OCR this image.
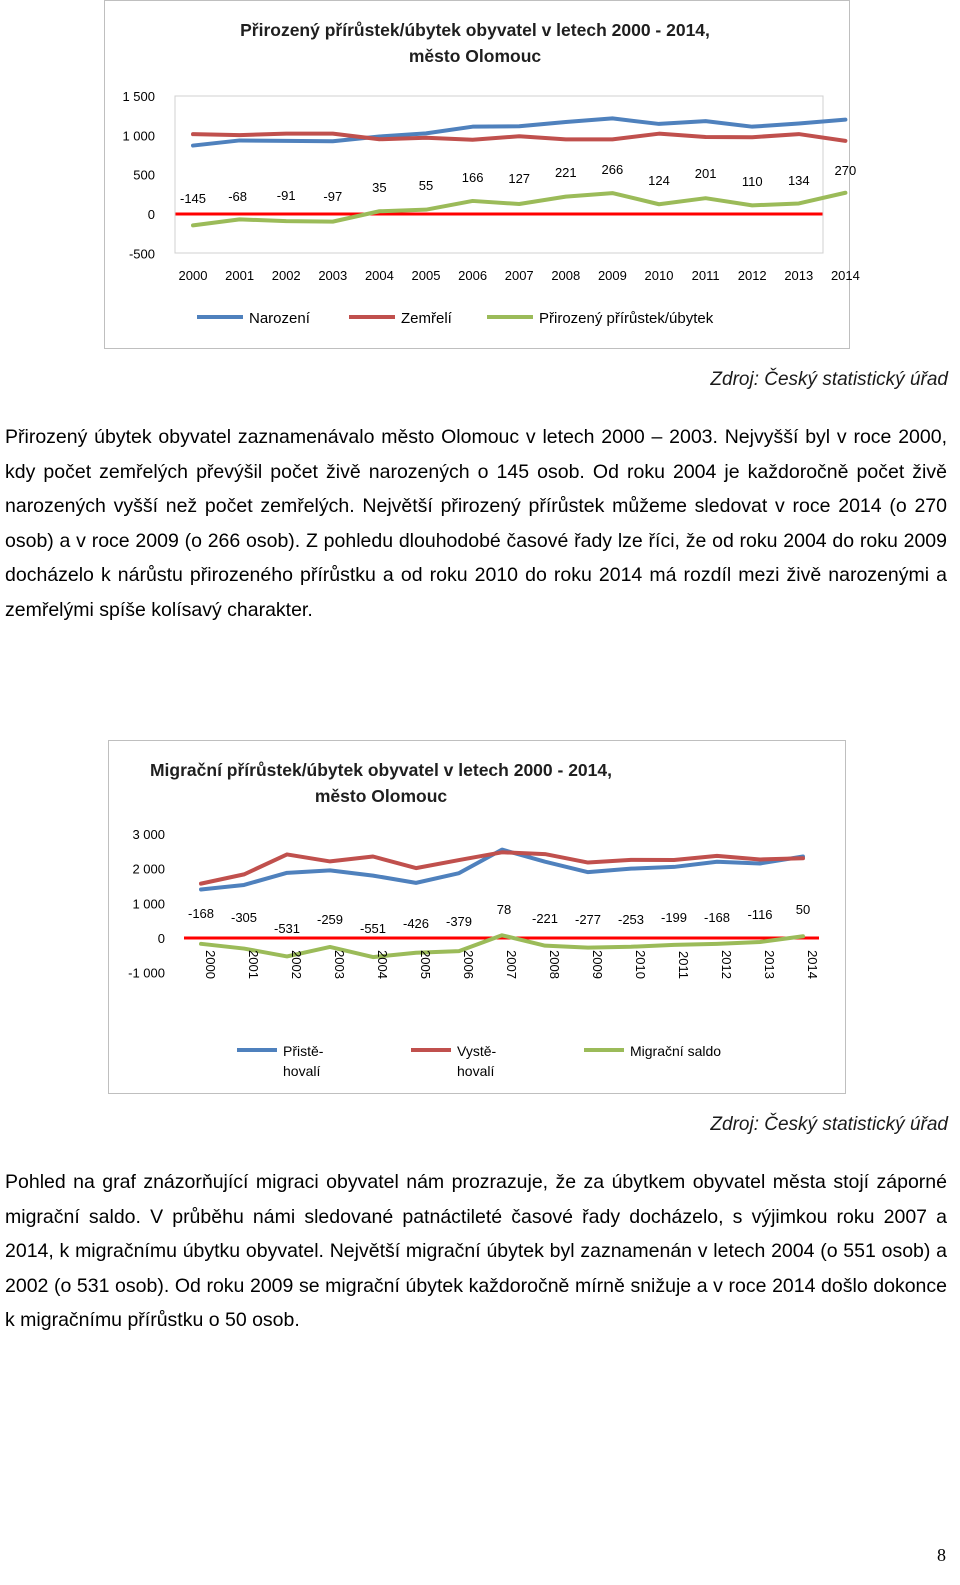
Přirozený přírůstek/úbytek obyvatel v letech 2000 - 2014,
město Olomouc
-500
0
500
1 000
1 500
-145 -68 -91 -97
35 55
166 127 221 266
124 201
110 134
270
2000 2001 2002 2003 2004 2005 2006 2007 2008 2009 2010 2011 2012 2013 2014
Narození	Zemřelí	Přirozený přírůstek/úbytek
Zdroj: Český statistický úřad
Přirozený úbytek obyvatel zaznamenávalo město Olomouc v letech 2000 – 2003. Nejvyšší byl v roce 2000, kdy počet zemřelých převýšil počet živě narozených o 145 osob. Od roku 2004 je každoročně počet živě narozených vyšší než počet zemřelých. Největší přirozený přírůstek můžeme sledovat v roce 2014 (o 270 osob) a v roce 2009 (o 266 osob). Z pohledu dlouhodobé časové řady lze říci, že od roku 2004 do roku 2009 docházelo k nárůstu přirozeného přírůstku a od roku 2010 do roku 2014 má rozdíl mezi živě narozenými a zemřelými spíše kolísavý charakter.
Migrační přírůstek/úbytek obyvatel v letech 2000 - 2014,
město Olomouc
-1 000
0
1 000
2 000
3 000
-168 -305
-531
-259
-551 -426 -379
78
-221 -277 -253 -199 -168 -116 50
2000 2001 2002 2003 2004 2005 2006 2007 2008 2009 2010 2011 2012 2013 2014
Přistě-
hovalí
Vystě-
hovalí
Migrační saldo
Zdroj: Český statistický úřad
Pohled na graf znázorňující migraci obyvatel nám prozrazuje, že za úbytkem obyvatel města stojí záporné migrační saldo. V průběhu námi sledované patnáctileté časové řady docházelo, s výjimkou roku 2007 a 2014, k migračnímu úbytku obyvatel. Největší migrační úbytek byl zaznamenán v letech 2004 (o 551 osob) a 2002 (o 531 osob). Od roku 2009 se migrační úbytek každoročně mírně snižuje a v roce 2014 došlo dokonce k migračnímu přírůstku o 50 osob.
8
